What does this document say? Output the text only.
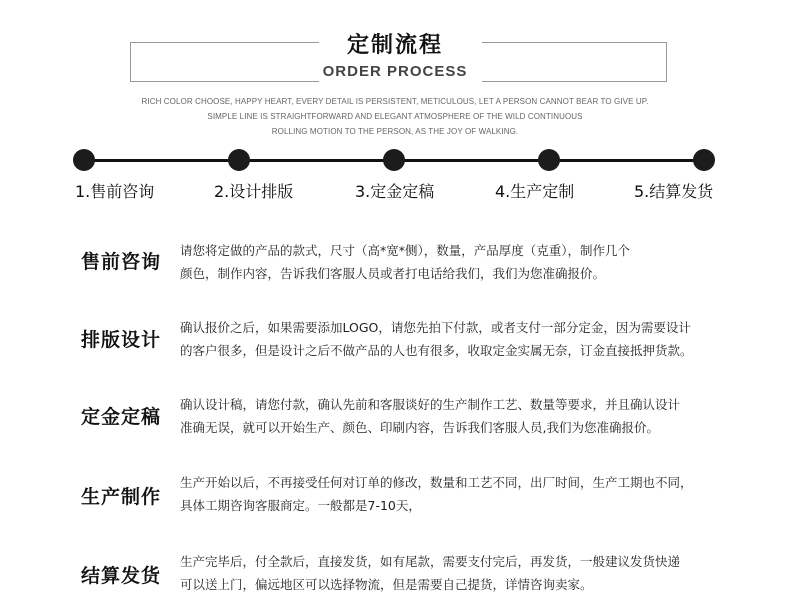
定制流程
ORDER PROCESS
RICH COLOR CHOOSE, HAPPY HEART, EVERY DETAIL IS PERSISTENT, METICULOUS, LET A PERSON CANNOT BEAR TO GIVE UP.
SIMPLE LINE IS STRAIGHTFORWARD AND ELEGANT ATMOSPHERE OF THE WILD CONTINUOUS
ROLLING MOTION TO THE PERSON, AS THE JOY OF WALKING.
1.售前咨询	2.设计排版	3.定金定稿	4.生产定制	5.结算发货
售前咨询
请您将定做的产品的款式，尺寸（高*宽*侧），数量，产品厚度（克重），制作几个
颜色，制作内容，告诉我们客服人员或者打电话给我们，我们为您准确报价。
排版设计
确认报价之后，如果需要添加LOGO，请您先拍下付款，或者支付一部分定金，因为需要设计
的客户很多，但是设计之后不做产品的人也有很多，收取定金实属无奈，订金直接抵押货款。
定金定稿
确认设计稿，请您付款，确认先前和客服谈好的生产制作工艺、数量等要求，并且确认设计
准确无误，就可以开始生产、颜色、印刷内容，告诉我们客服人员,我们为您准确报价。
生产制作
生产开始以后，不再接受任何对订单的修改，数量和工艺不同，出厂时间，生产工期也不同，
具体工期咨询客服商定。一般都是7-10天，
结算发货
生产完毕后，付全款后，直接发货，如有尾款，需要支付完后，再发货，一般建议发货快递
可以送上门，偏远地区可以选择物流，但是需要自己提货，详情咨询卖家。
